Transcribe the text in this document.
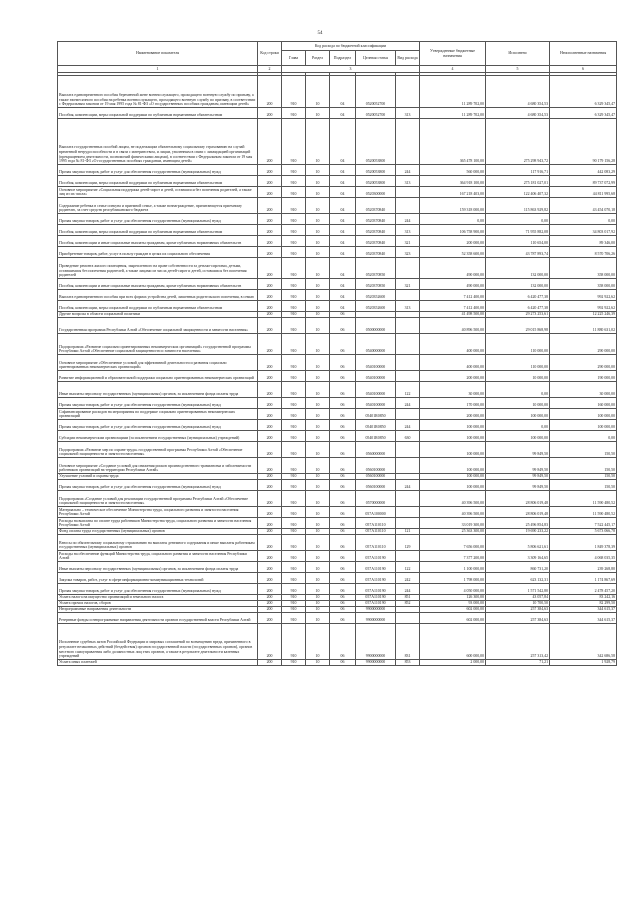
54
Наименование показателя	Код строки	Код расхода по бюджетной классификации					Утвержденные бюджетные назначения	Исполнено	Неисполненные назначения
		Глава	Раздел	Подраздел	Целевая статья	Вид расхода			
1	2	3					4	5	6

Выплата единовременного пособия беременной жене военнослужащего, проходящего военную службу по призыву, а также ежемесячного пособия на ребенка военнослужащего, проходящего военную службу по призыву, в соответствии с Федеральным законом от 19 мая 1995 года № 81-ФЗ «О государственных пособиях гражданам, имеющим детей»	200	910	10	04	0520052700		11 289 702,00	4 680 354,53	6 329 345,47
Пособия, компенсации, меры социальной поддержки по публичным нормативным обязательствам	200	910	10	04	0520052700	313	11 289 702,00	4 680 354,53	6 329 345,47
Выплата государственных пособий лицам, не подлежащим обязательному социальному страхованию на случай временной нетрудоспособности и в связи с материнством, и лицам, уволенным в связи с ликвидацией организаций (прекращением деятельности, полномочий физическими лицами), в соответствии с Федеральным законом от 19 мая 1995 года № 81-ФЗ «О государственных пособиях гражданам, имеющим детей»	200	910	10	04	0520053800		365 478 100,00	275 298 943,72	90 179 156,28
Прочая закупка товаров, работ и услуг для обеспечения государственных (муниципальных) нужд	200	910	10	04	0520053800	244	560 000,00	117 916,71	442 083,29
Пособия, компенсации, меры социальной поддержки по публичным нормативным обязательствам	200	910	10	04	0520053800	313	364 918 100,00	275 181 027,01	89 737 072,99
Основное мероприятие «Социальная поддержка детей-сирот и детей, оставшихся без попечения родителей, а также лиц из их числа»	200	910	10	04	0520300000		167 218 403,00	122 406 407,32	44 811 995,68
Содержание ребенка в семье опекуна и приемной семье, а также вознаграждение, причитающееся приемному родителю, за счет средств республиканского бюджета	200	910	10	04	0520370840		159 318 000,00	115 863 929,82	43 454 070,18
Прочая закупка товаров, работ и услуг для обеспечения государственных (муниципальных) нужд	200	910	10	04	0520370840	244	0,00	0,00	0,00
Пособия, компенсации, меры социальной поддержки по публичным нормативным обязательствам	200	910	10	04	0520370840	313	106 758 900,00	71 955 882,08	34 803 017,92
Пособия, компенсации и иные социальные выплаты гражданам, кроме публичных нормативных обязательств	200	910	10	04	0520370840	321	200 000,00	110 654,00	89 346,00
Приобретение товаров, работ, услуг в пользу граждан в целях их социального обеспечения	200	910	10	04	0520370840	323	52 358 600,00	43 787 893,74	8 570 706,26
Проведение ремонта жилого помещения, закрепленного на праве собственности за детьми-сиротами, детьми, оставшимися без попечения родителей, а также лицами из числа детей-сирот и детей, оставшихся без попечения родителей	200	910	10	04	0520370850		490 000,00	132 000,00	358 000,00
Пособия, компенсации и иные социальные выплаты гражданам, кроме публичных нормативных обязательств	200	910	10	04	0520370850	321	490 000,00	132 000,00	358 000,00
Выплата единовременного пособия при всех формах устройства детей, лишенных родительского попечения, в семью	200	910	10	04	0520352600		7 412 400,00	6 420 477,38	992 922,62
Пособия, компенсации, меры социальной поддержки по публичным нормативным обязательствам	200	910	10	04	0520352600	313	7 412 400,00	6 420 477,38	992 922,62
Другие вопросы в области социальной политики	200	910	10	06			41 498 500,00	29 273 253,61	12 225 246,39
Государственная программа Республики Алтай «Обеспечение социальной защищенности и занятости населения»	200	910	10	06	0500000000		40 896 500,00	29 015 868,98	11 880 631,02
Подпрограмма «Развитие социально ориентированных некоммерческих организаций» государственной программы Республики Алтай «Обеспечение социальной защищенности и занятости населения»	200	910	10	06	0540000000		400 000,00	110 000,00	290 000,00
Основное мероприятие «Обеспечение условий для эффективной деятельности и развития социально ориентированных некоммерческих организаций»	200	910	10	06	0540100000		400 000,00	110 000,00	290 000,00
Развитие информационной и образовательной поддержки социально ориентированных некоммерческих организаций	200	910	10	06	0540100000		200 000,00	10 000,00	190 000,00
Иные выплаты персоналу государственных (муниципальных) органов, за исключением фонда оплаты труда	200	910	10	06	0540100000	122	30 000,00	0,00	30 000,00
Прочая закупка товаров, работ и услуг для обеспечения государственных (муниципальных) нужд	200	910	10	06	0540100000	244	170 000,00	10 000,00	160 000,00
Софинансирование расходов на мероприятия по поддержке социально ориентированных некоммерческих организаций	200	910	10	06	05401R0850		200 000,00	100 000,00	100 000,00
Прочая закупка товаров, работ и услуг для обеспечения государственных (муниципальных) нужд	200	910	10	06	05401R0850	244	100 000,00	0,00	100 000,00
Субсидии некоммерческим организациям (за исключением государственных (муниципальных) учреждений)	200	910	10	06	05401R0850	630	100 000,00	100 000,00	0,00
Подпрограмма «Развитие мер по охране труда» государственной программы Республики Алтай «Обеспечение социальной защищенности и занятости населения»	200	910	10	06	0560000000		100 000,00	99 849,50	150,50
Основное мероприятие «Создание условий для снижения рисков производственного травматизма и заболеваемости работников организаций на территории Республики Алтай»	200	910	10	06	0560100000		100 000,00	99 849,50	150,50
Улучшение условий и охраны труда	200	910	10	06	0560100000		100 000,00	99 849,50	150,50
Прочая закупка товаров, работ и услуг для обеспечения государственных (муниципальных) нужд	200	910	10	06	0560100000	244	100 000,00	99 849,50	150,50
Подпрограмма «Создание условий для реализации государственной программы Республики Алтай «Обеспечение социальной защищенности и занятости населения»	200	910	10	06	0570000000		40 396 500,00	28 806 019,48	11 590 480,52
Материально – техническое обеспечение Министерства труда, социального развития и занятости населения Республики Алтай	200	910	10	06	057А100000		40 396 500,00	28 806 019,48	11 590 480,52
Расходы на выплаты по оплате труда работников Министерства труда, социального развития и занятости населения Республики Алтай	200	910	10	06	057А110110		33 019 300,00	25 496 854,83	7 522 445,17
Фонд оплаты труда государственных (муниципальных) органов	200	910	10	06	057А110110	121	25 363 300,00	19 690 233,22	5 673 066,78
Взносы по обязательному социальному страхованию на выплаты денежного содержания и иные выплаты работникам государственных (муниципальных) органов	200	910	10	06	057А110110	129	7 656 000,00	5 806 621,61	1 849 378,39
Расходы на обеспечение функций Министерства труда, социального развития и занятости населения Республики Алтай	200	910	10	06	057А110190		7 377 200,00	3 309 164,65	4 068 035,35
Иные выплаты персоналу государственных (муниципальных) органов, за исключением фонда оплаты труда	200	910	10	06	057А110190	122	1 100 000,00	860 731,20	239 268,80
Закупка товаров, работ, услуг в сфере информационно-коммуникационных технологий	200	910	10	06	057А110190	242	1 798 000,00	623 132,31	1 174 867,69
Прочая закупка товаров, работ и услуг для обеспечения государственных (муниципальных) нужд	200	910	10	06	057А110190	244	4 050 000,00	1 571 542,80	2 478 457,20
Уплата налога на имущество организаций и земельного налога	200	910	10	06	057А110190	851	126 300,00	43 057,84	83 242,16
Уплата прочих налогов, сборов	200	910	10	06	057А110190	852	93 000,00	10 700,50	82 299,50
Непрограммные направления деятельности	200	910	10	06	9900000000		602 000,00	257 384,63	344 615,37
Резервные фонды и непрограммные направления деятельности органов государственной власти Республики Алтай	200	910	10	06	9900000000		602 000,00	257 384,63	344 615,37
Исполнение судебных актов Российской Федерации и мировых соглашений по возмещению вреда, причиненного в результате незаконных действий (бездействия) органов государственной власти (государственных органов), органов местного самоуправления либо должностных лиц этих органов, а также в результате деятельности казенных учреждений	200	910	10	06	9900000000	831	600 000,00	257 313,42	342 686,58
Уплата иных платежей	200	910	10	06	9900000000	853	2 000,00	71,21	1 928,79
